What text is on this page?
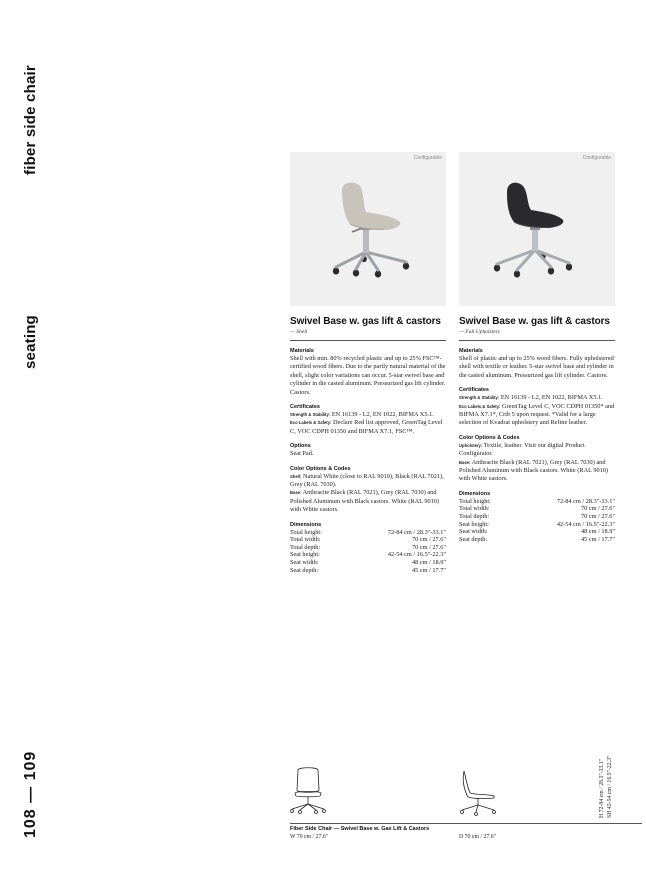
fiber side chair
seating
108 — 109
Configurable
Swivel Base w. gas lift & castors
— Shell
Materials
Shell with min. 80% recycled plastic and up to 25% FSC™-certified wood fibers. Due to the partly natural material of the shell, slight color variations can occur. 5-star swivel base and cylinder in die casted aluminum. Pressurized gas lift cylinder. Castors.
Certificates
Strength & Stability: EN 16139 - L2, EN 1022, BIFMA X5.1.
Eco Labels & Safety: Declare Red list approved, GreenTag Level C, VOC CDPH 01350 and BIFMA X7.1, FSC™.
Options
Seat Pad.
Color Options & Codes
Shell: Natural White (close to RAL 9010), Black (RAL 7021), Grey (RAL 7030).
Base: Anthracite Black (RAL 7021), Grey (RAL 7030) and Polished Aluminum with Black castors. White (RAL 9010) with White castors.
Dimensions
Total height:	72-84 cm / 28.3"-33.1"
Total width:	70 cm / 27.6"
Total depth:	70 cm / 27.6"
Seat height:	42-54 cm / 16.5"-22.3"
Seat width:	48 cm / 18.9"
Seat depth:	45 cm / 17.7"
Configurable
Swivel Base w. gas lift & castors
— Full Upholstery
Materials
Shell of plastic and up to 25% wood fibers. Fully upholstered shell with textile or leather. 5-star swivel base and cylinder in die casted aluminum. Pressurized gas lift cylinder. Castors.
Certificates
Strength & Stability: EN 16139 - L2, EN 1022, BIFMA X5.1.
Eco Labels & Safety: GreenTag Level C, VOC CDPH 01350* and BIFMA X7.1*, Crib 5 upon request. *Valid for a large selection of Kvadrat upholstery and Refine leather.
Color Options & Codes
Upholstery: Textile, leather. Visit our digital Product Configurator.
Base: Anthracite Black (RAL 7021), Grey (RAL 7030) and Polished Aluminum with Black castors. White (RAL 9010) with White castors.
Dimensions
Total height:	72-84 cm / 28.3"-33.1"
Total width:	70 cm / 27.6"
Total depth:	70 cm / 27.6"
Seat height:	42-54 cm / 16.5"-22.3"
Seat width:	48 cm / 18.9"
Seat depth:	45 cm / 17.7"
H 72-84 cm / 28.3"-33.1" SH 42-54 cm / 16.5"-22.3"
Fiber Side Chair — Swivel Base w. Gas Lift & Castors
W 70 cm / 27.6"	D 70 cm / 27.6"
